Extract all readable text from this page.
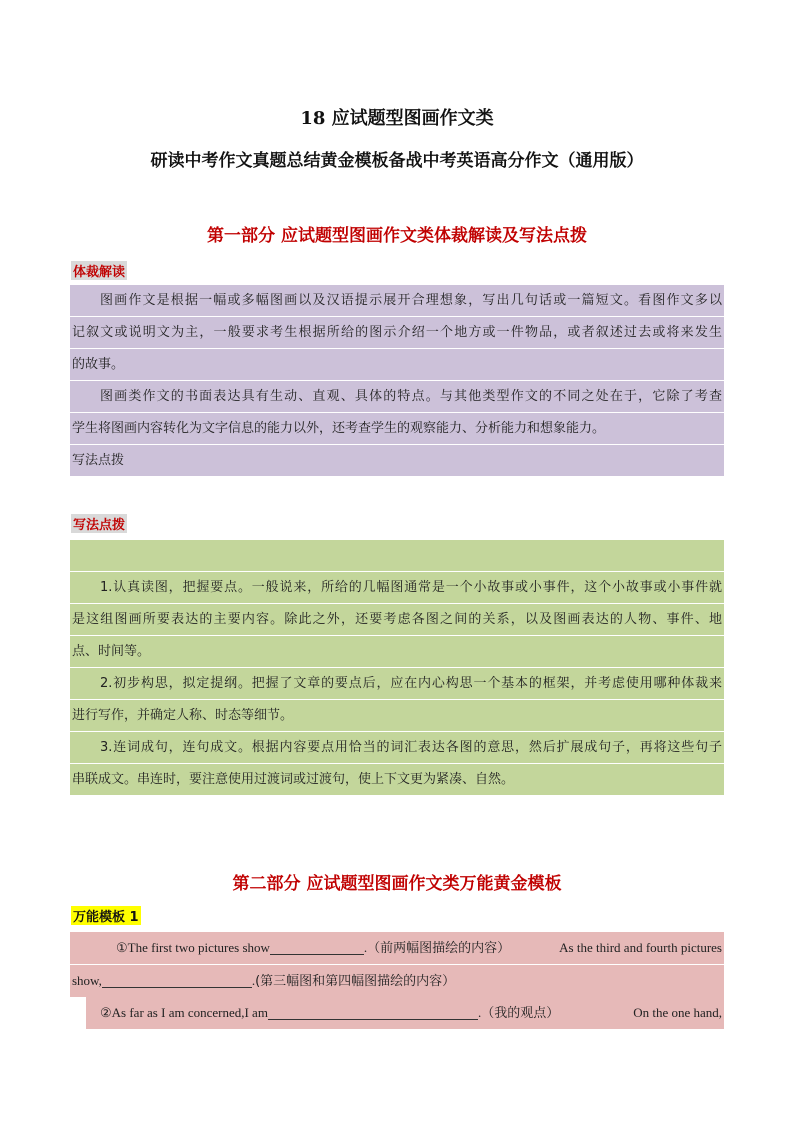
18 应试题型图画作文类
研读中考作文真题总结黄金模板备战中考英语高分作文（通用版）
第一部分 应试题型图画作文类体裁解读及写法点拨
体裁解读
图画作文是根据一幅或多幅图画以及汉语提示展开合理想象，写出几句话或一篇短文。看图作文多以
记叙文或说明文为主，一般要求考生根据所给的图示介绍一个地方或一件物品，或者叙述过去或将来发生
的故事。
图画类作文的书面表达具有生动、直观、具体的特点。与其他类型作文的不同之处在于，它除了考查
学生将图画内容转化为文字信息的能力以外，还考查学生的观察能力、分析能力和想象能力。
写法点拨
写法点拨
1.认真读图，把握要点。一般说来，所给的几幅图通常是一个小故事或小事件，这个小故事或小事件就
是这组图画所要表达的主要内容。除此之外，还要考虑各图之间的关系，以及图画表达的人物、事件、地
点、时间等。
2.初步构思，拟定提纲。把握了文章的要点后，应在内心构思一个基本的框架，并考虑使用哪种体裁来
进行写作，并确定人称、时态等细节。
3.连词成句，连句成文。根据内容要点用恰当的词汇表达各图的意思，然后扩展成句子，再将这些句子
串联成文。串连时，要注意使用过渡词或过渡句，使上下文更为紧凑、自然。
第二部分 应试题型图画作文类万能黄金模板
万能模板 1
①The first two pictures show	.（前两幅图描绘的内容）	As the third and fourth pictures
show,	.(第三幅图和第四幅图描绘的内容）
②As far as I am concerned,I am	.（我的观点）	On the one hand,
